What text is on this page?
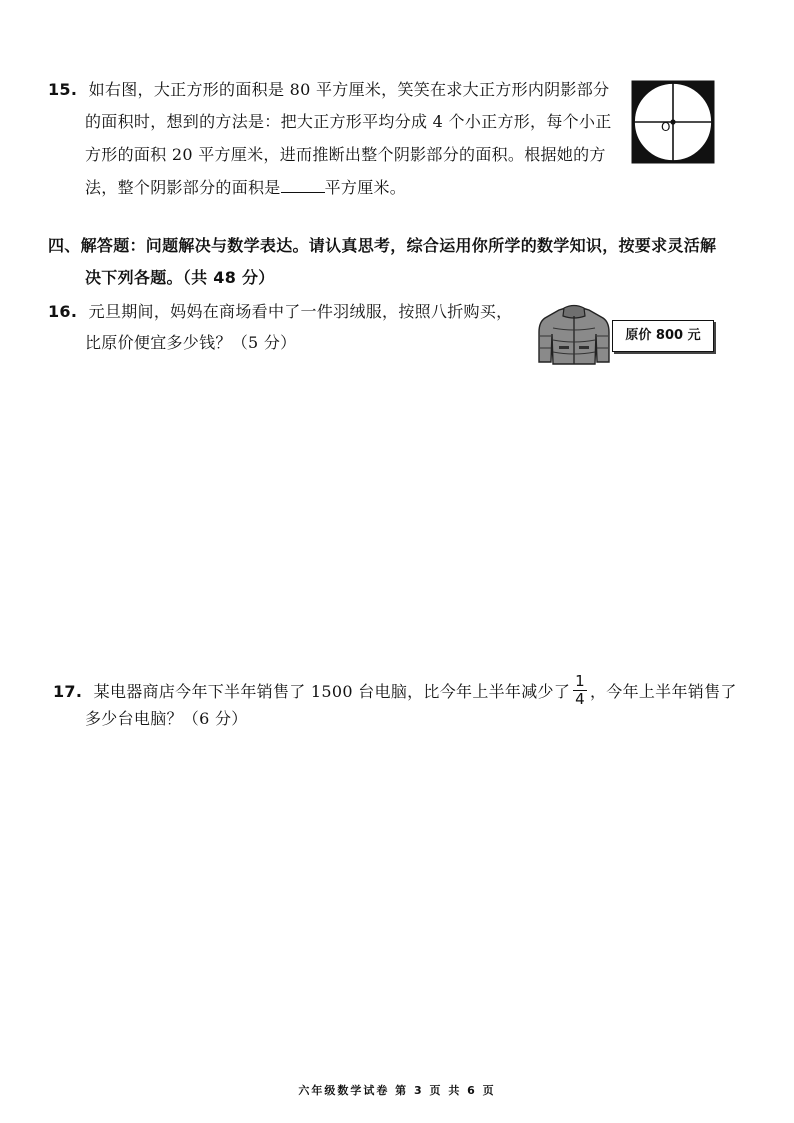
15. 如右图，大正方形的面积是 80 平方厘米，笑笑在求大正方形内阴影部分
的面积时，想到的方法是：把大正方形平均分成 4 个小正方形，每个小正
方形的面积 20 平方厘米，进而推断出整个阴影部分的面积。根据她的方
法，整个阴影部分的面积是	平方厘米。
O
四、解答题：问题解决与数学表达。请认真思考，综合运用你所学的数学知识，按要求灵活解
决下列各题。（共 48 分）
16. 元旦期间，妈妈在商场看中了一件羽绒服，按照八折购买，
比原价便宜多少钱？（5 分）	原价 800 元
17. 某电器商店今年下半年销售了 1500 台电脑，比今年上半年减少了 $\frac{1}{4}$ ，今年上半年销售了
多少台电脑？（6 分）
六年级数学试卷 第 3 页 共 6 页
